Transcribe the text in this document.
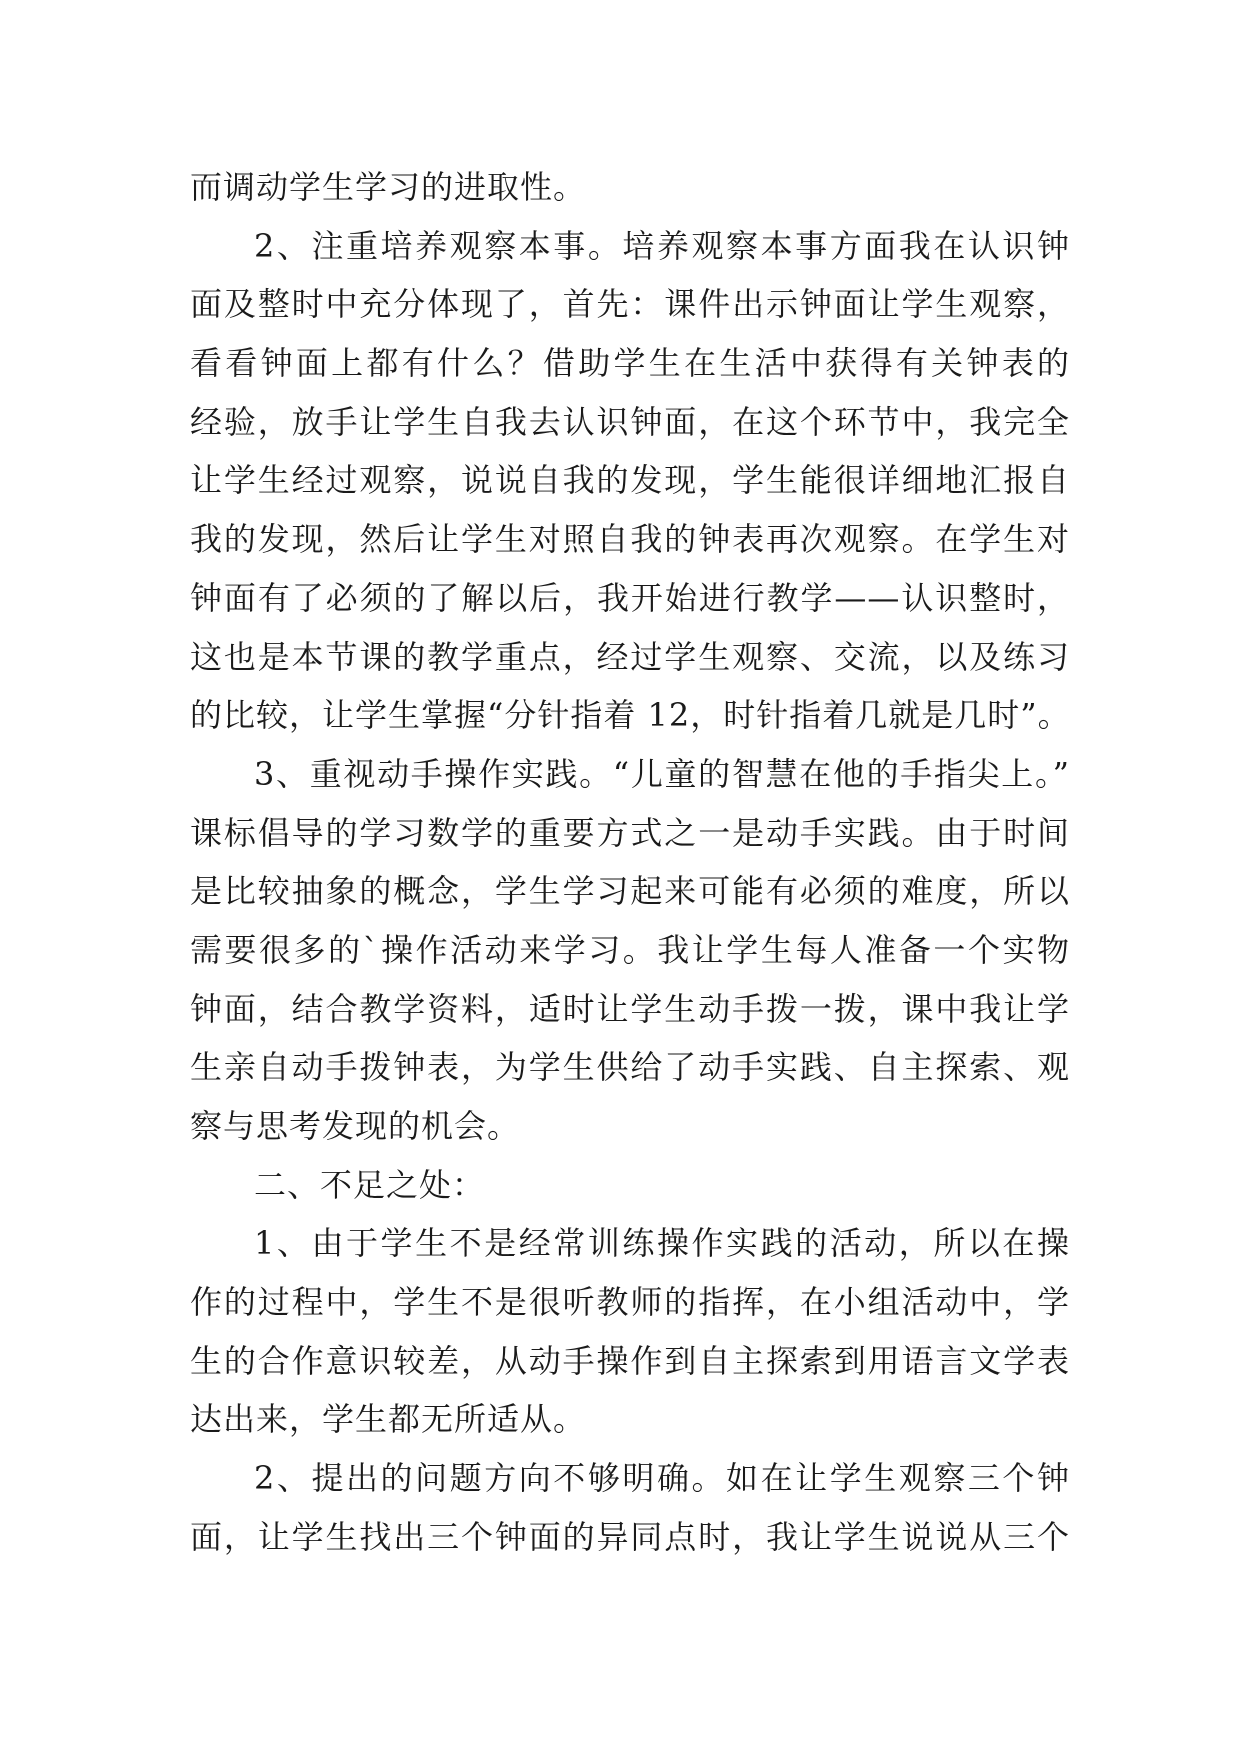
而调动学生学习的进取性。
2、注重培养观察本事。培养观察本事方面我在认识钟
面及整时中充分体现了，首先：课件出示钟面让学生观察，
看看钟面上都有什么？借助学生在生活中获得有关钟表的
经验，放手让学生自我去认识钟面，在这个环节中，我完全
让学生经过观察，说说自我的发现，学生能很详细地汇报自
我的发现，然后让学生对照自我的钟表再次观察。在学生对
钟面有了必须的了解以后，我开始进行教学——认识整时，
这也是本节课的教学重点，经过学生观察、交流，以及练习
的比较，让学生掌握“分针指着 12，时针指着几就是几时”。
3、重视动手操作实践。“儿童的智慧在他的手指尖上。”
课标倡导的学习数学的重要方式之一是动手实践。由于时间
是比较抽象的概念，学生学习起来可能有必须的难度，所以
需要很多的`操作活动来学习。我让学生每人准备一个实物
钟面，结合教学资料，适时让学生动手拨一拨，课中我让学
生亲自动手拨钟表，为学生供给了动手实践、自主探索、观
察与思考发现的机会。
二、不足之处：
1、由于学生不是经常训练操作实践的活动，所以在操
作的过程中，学生不是很听教师的指挥，在小组活动中，学
生的合作意识较差，从动手操作到自主探索到用语言文学表
达出来，学生都无所适从。
2、提出的问题方向不够明确。如在让学生观察三个钟
面，让学生找出三个钟面的异同点时，我让学生说说从三个
